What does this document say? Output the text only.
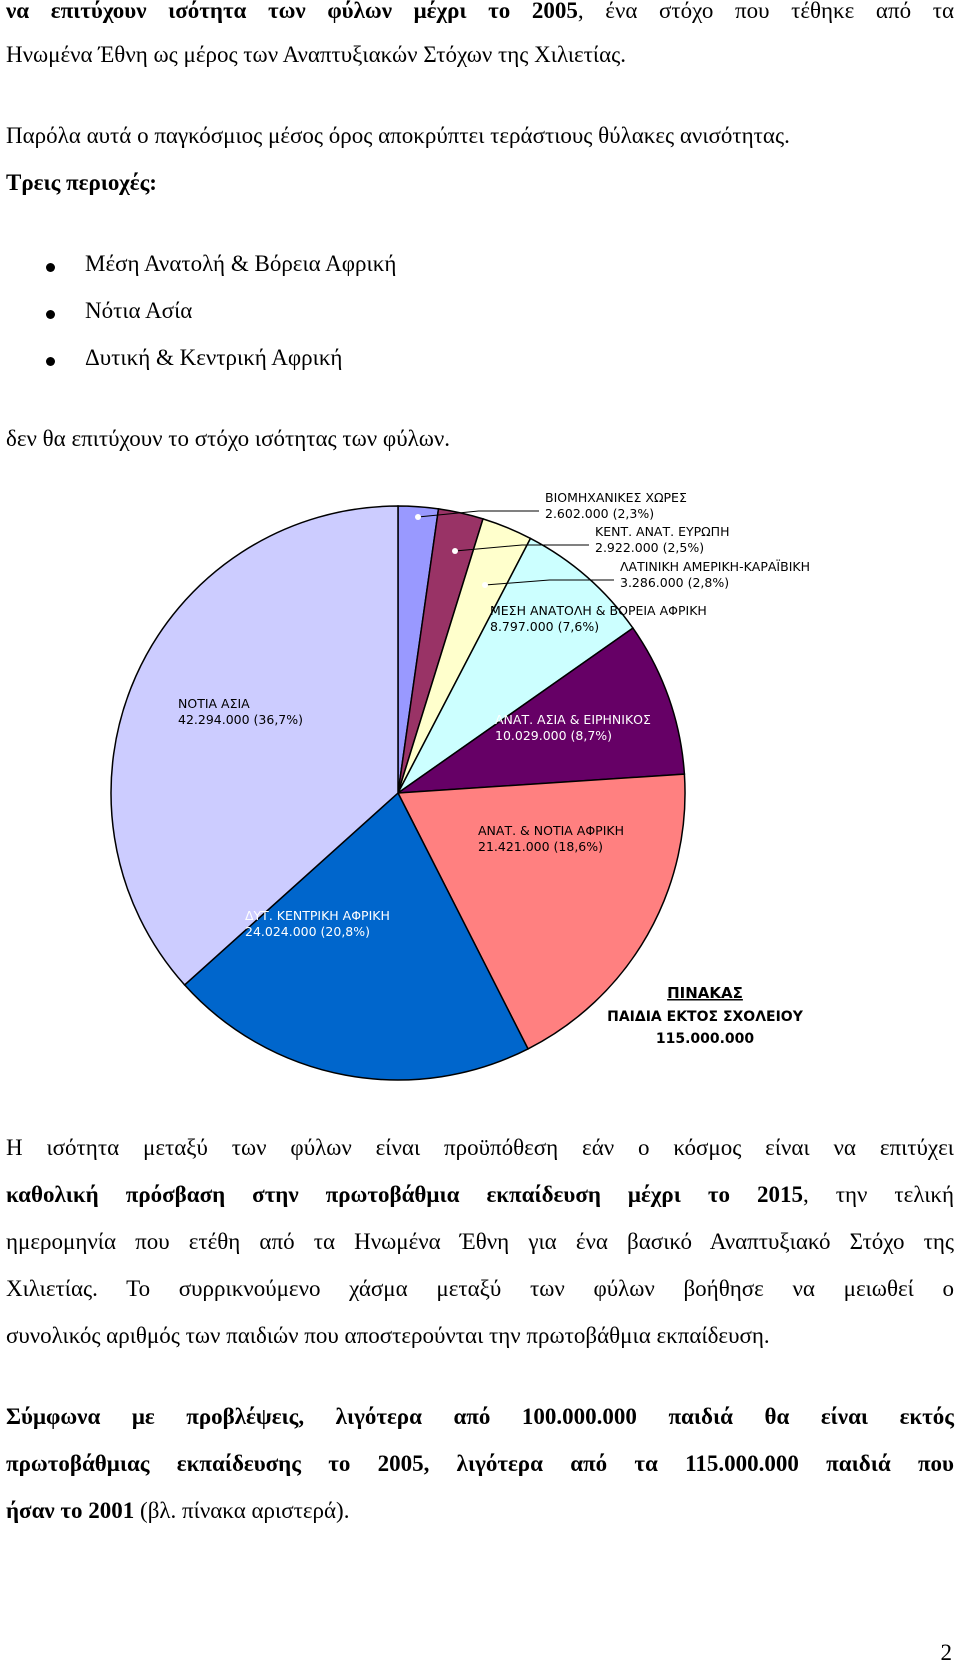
να επιτύχουν ισότητα των φύλων μέχρι το 2005, ένα στόχο που τέθηκε από τα
Ηνωμένα Έθνη ως μέρος των Αναπτυξιακών Στόχων της Χιλιετίας.
Παρόλα αυτά ο παγκόσμιος μέσος όρος αποκρύπτει τεράστιους θύλακες ανισότητας.
Τρεις περιοχές:
Μέση Ανατολή & Βόρεια Αφρική
Νότια Ασία
Δυτική & Κεντρική Αφρική
δεν θα επιτύχουν το στόχο ισότητας των φύλων.
ΒΙΟΜΗΧΑΝΙΚΕΣ ΧΩΡΕΣ
2.602.000 (2,3%)
ΚΕΝΤ. ΑΝΑΤ. ΕΥΡΩΠΗ
2.922.000 (2,5%)
ΛΑΤΙΝΙΚΗ ΑΜΕΡΙΚΗ-ΚΑΡΑΪΒΙΚΗ
3.286.000 (2,8%)
ΜΕΣΗ ΑΝΑΤΟΛΗ & ΒΟΡΕΙΑ ΑΦΡΙΚΗ
8.797.000 (7,6%)
ΑΝΑΤ. ΑΣΙΑ & ΕΙΡΗΝΙΚΟΣ
10.029.000 (8,7%)
ΑΝΑΤ. & ΝΟΤΙΑ ΑΦΡΙΚΗ
21.421.000 (18,6%)
ΔΥΤ. ΚΕΝΤΡΙΚΗ ΑΦΡΙΚΗ
24.024.000 (20,8%)
ΝΟΤΙΑ ΑΣΙΑ
42.294.000 (36,7%)
ΠΙΝΑΚΑΣ
ΠΑΙΔΙΑ ΕΚΤΟΣ ΣΧΟΛΕΙΟΥ
115.000.000
Η ισότητα μεταξύ των φύλων είναι προϋπόθεση εάν ο κόσμος είναι να επιτύχει
καθολική πρόσβαση στην πρωτοβάθμια εκπαίδευση μέχρι το 2015, την τελική
ημερομηνία που ετέθη από τα Ηνωμένα Έθνη για ένα βασικό Αναπτυξιακό Στόχο της
Χιλιετίας. Το συρρικνούμενο χάσμα μεταξύ των φύλων βοήθησε να μειωθεί ο
συνολικός αριθμός των παιδιών που αποστερούνται την πρωτοβάθμια εκπαίδευση.
Σύμφωνα με προβλέψεις, λιγότερα από 100.000.000 παιδιά θα είναι εκτός
πρωτοβάθμιας εκπαίδευσης το 2005, λιγότερα από τα 115.000.000 παιδιά που
ήσαν το 2001 (βλ. πίνακα αριστερά).
2
